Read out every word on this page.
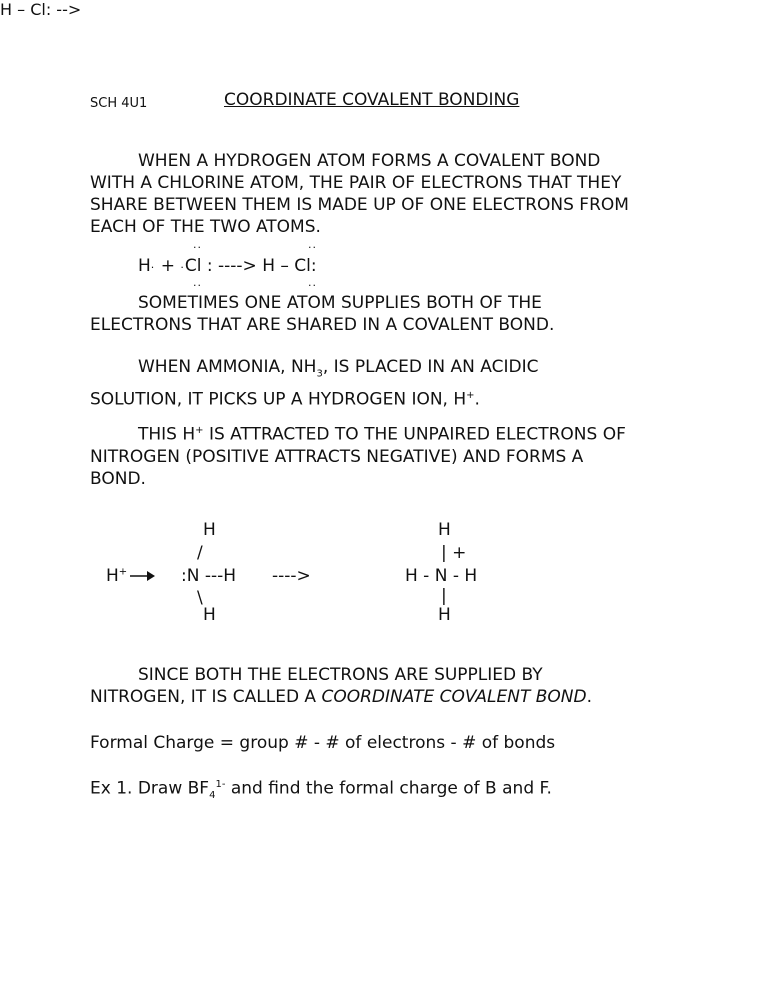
SCH 4U1	COORDINATE COVALENT BONDING
WHEN A HYDROGEN ATOM FORMS A COVALENT BOND
WITH A CHLORINE ATOM, THE PAIR OF ELECTRONS THAT THEY
SHARE BETWEEN THEM IS MADE UP OF ONE ELECTRONS FROM
EACH OF THE TWO ATOMS.
H – Cl: -->
H· + ·Cl : ----> H – Cl:
··
··
··
··
SOMETIMES ONE ATOM SUPPLIES BOTH OF THE
ELECTRONS THAT ARE SHARED IN A COVALENT BOND.
WHEN AMMONIA, $NH_3$, IS PLACED IN AN ACIDIC
SOLUTION, IT PICKS UP A HYDROGEN ION, H+.
THIS H+ IS ATTRACTED TO THE UNPAIRED ELECTRONS OF
NITROGEN (POSITIVE ATTRACTS NEGATIVE) AND FORMS A
BOND.
H+
H
/
:N ---H
\
H
---->
H
| +
H - N - H
|
H
SINCE BOTH THE ELECTRONS ARE SUPPLIED BY
NITROGEN, IT IS CALLED A COORDINATE COVALENT BOND.
Formal Charge = group # - # of electrons - # of bonds
Ex 1. Draw $BF_4^{1-}$ and find the formal charge of B and F.
